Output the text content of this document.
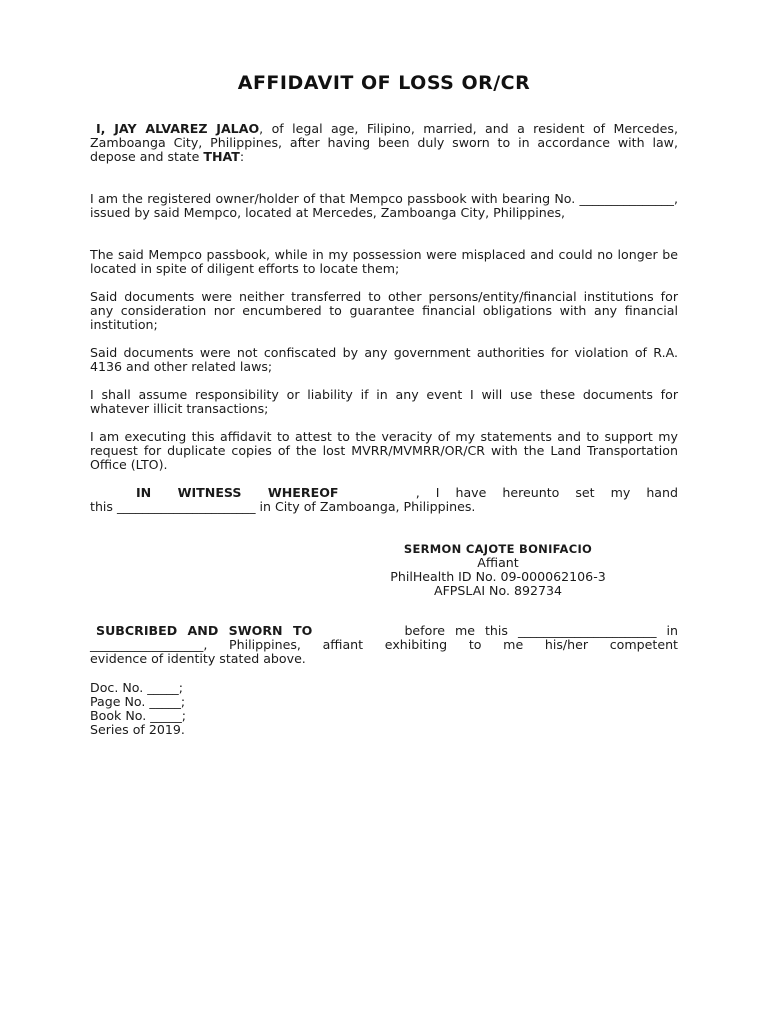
AFFIDAVIT OF LOSS OR/CR

I, JAY ALVAREZ JALAO, of legal age, Filipino, married, and a resident of Mercedes, Zamboanga City, Philippines, after having been duly sworn to in accordance with law, depose and state THAT:

I am the registered owner/holder of that Mempco passbook with bearing No. _______________, issued by said Mempco, located at Mercedes, Zamboanga City, Philippines,

The said Mempco passbook, while in my possession were misplaced and could no longer be located in spite of diligent efforts to locate them;

Said documents were neither transferred to other persons/entity/financial institutions for any consideration nor encumbered to guarantee financial obligations with any financial institution;

Said documents were not confiscated by any government authorities for violation of R.A. 4136 and other related laws;

I shall assume responsibility or liability if in any event I will use these documents for whatever illicit transactions;

I am executing this affidavit to attest to the veracity of my statements and to support my request for duplicate copies of the lost MVRR/MVMRR/OR/CR with the Land Transportation Office (LTO).

IN WITNESS WHEREOF	, I have hereunto set my hand
this ______________________ in City of Zamboanga, Philippines.
SERMON CAJOTE BONIFACIO
Affiant
PhilHealth ID No. 09-000062106-3
AFPSLAI No. 892734
SUBCRIBED AND SWORN TO	before me this ______________________ in
__________________, Philippines, affiant exhibiting to me his/her competent
evidence of identity stated above.
Doc. No. _____;
Page No. _____;
Book No. _____;
Series of 2019.
